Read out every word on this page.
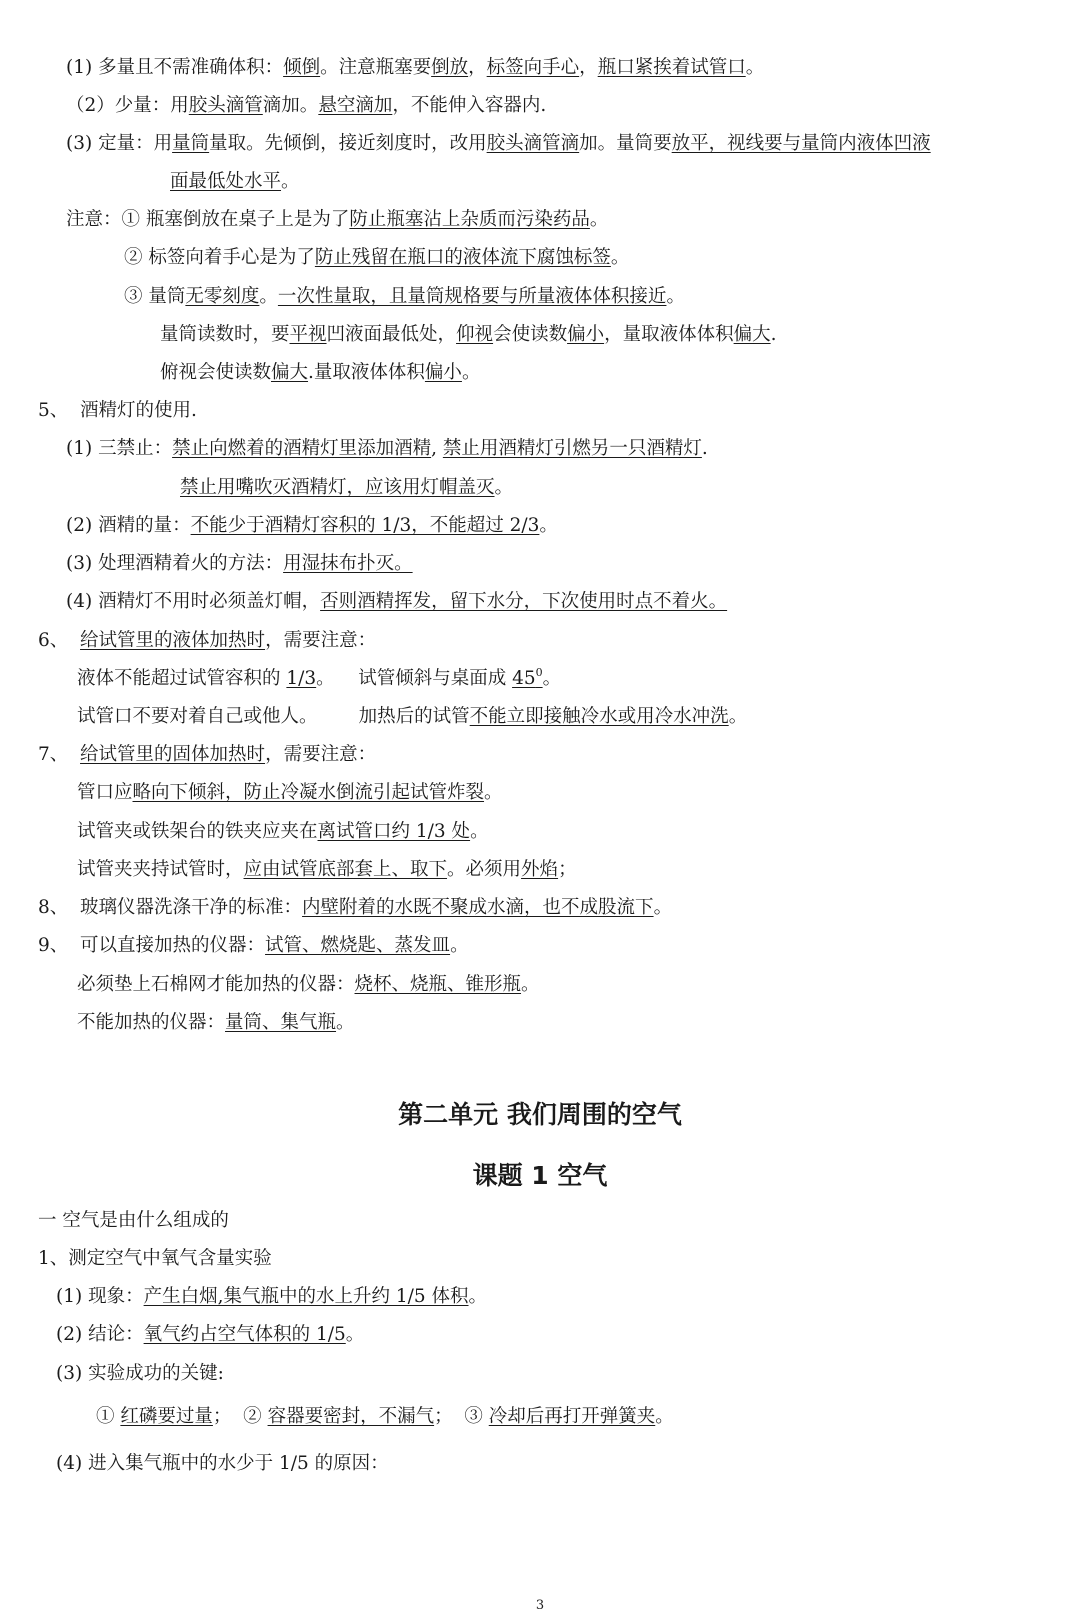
(1) 多量且不需准确体积：倾倒。注意瓶塞要倒放，标签向手心，瓶口紧挨着试管口。
（2）少量：用胶头滴管滴加。悬空滴加，不能伸入容器内.
(3) 定量：用量筒量取。先倾倒，接近刻度时，改用胶头滴管滴加。量筒要放平，视线要与量筒内液体凹液
面最低处水平。
注意：① 瓶塞倒放在桌子上是为了防止瓶塞沾上杂质而污染药品。
② 标签向着手心是为了防止残留在瓶口的液体流下腐蚀标签。
③ 量筒无零刻度。一次性量取，且量筒规格要与所量液体体积接近。
量筒读数时，要平视凹液面最低处，仰视会使读数偏小，量取液体体积偏大.
俯视会使读数偏大.量取液体体积偏小。
5、  酒精灯的使用.
(1) 三禁止：禁止向燃着的酒精灯里添加酒精, 禁止用酒精灯引燃另一只酒精灯.
禁止用嘴吹灭酒精灯，应该用灯帽盖灭。
(2) 酒精的量：不能少于酒精灯容积的 1/3，不能超过 2/3。
(3) 处理酒精着火的方法：用湿抹布扑灭。
(4) 酒精灯不用时必须盖灯帽，否则酒精挥发，留下水分，下次使用时点不着火。
6、  给试管里的液体加热时，需要注意：
液体不能超过试管容积的 1/3。    试管倾斜与桌面成 $45^0$。
试管口不要对着自己或他人。       加热后的试管不能立即接触冷水或用冷水冲洗。
7、  给试管里的固体加热时，需要注意：
管口应略向下倾斜，防止冷凝水倒流引起试管炸裂。
试管夹或铁架台的铁夹应夹在离试管口约 1/3 处。
试管夹夹持试管时，应由试管底部套上、取下。必须用外焰；
8、  玻璃仪器洗涤干净的标准：内壁附着的水既不聚成水滴，也不成股流下。
9、  可以直接加热的仪器：试管、燃烧匙、蒸发皿。
必须垫上石棉网才能加热的仪器：烧杯、烧瓶、锥形瓶。
不能加热的仪器：量筒、集气瓶。
第二单元 我们周围的空气
课题 1 空气
一 空气是由什么组成的
1、测定空气中氧气含量实验
(1) 现象：产生白烟,集气瓶中的水上升约 1/5 体积。
(2) 结论：氧气约占空气体积的 1/5。
(3) 实验成功的关键:
① 红磷要过量；  ② 容器要密封，不漏气；  ③ 冷却后再打开弹簧夹。
(4) 进入集气瓶中的水少于 1/5 的原因：
3
